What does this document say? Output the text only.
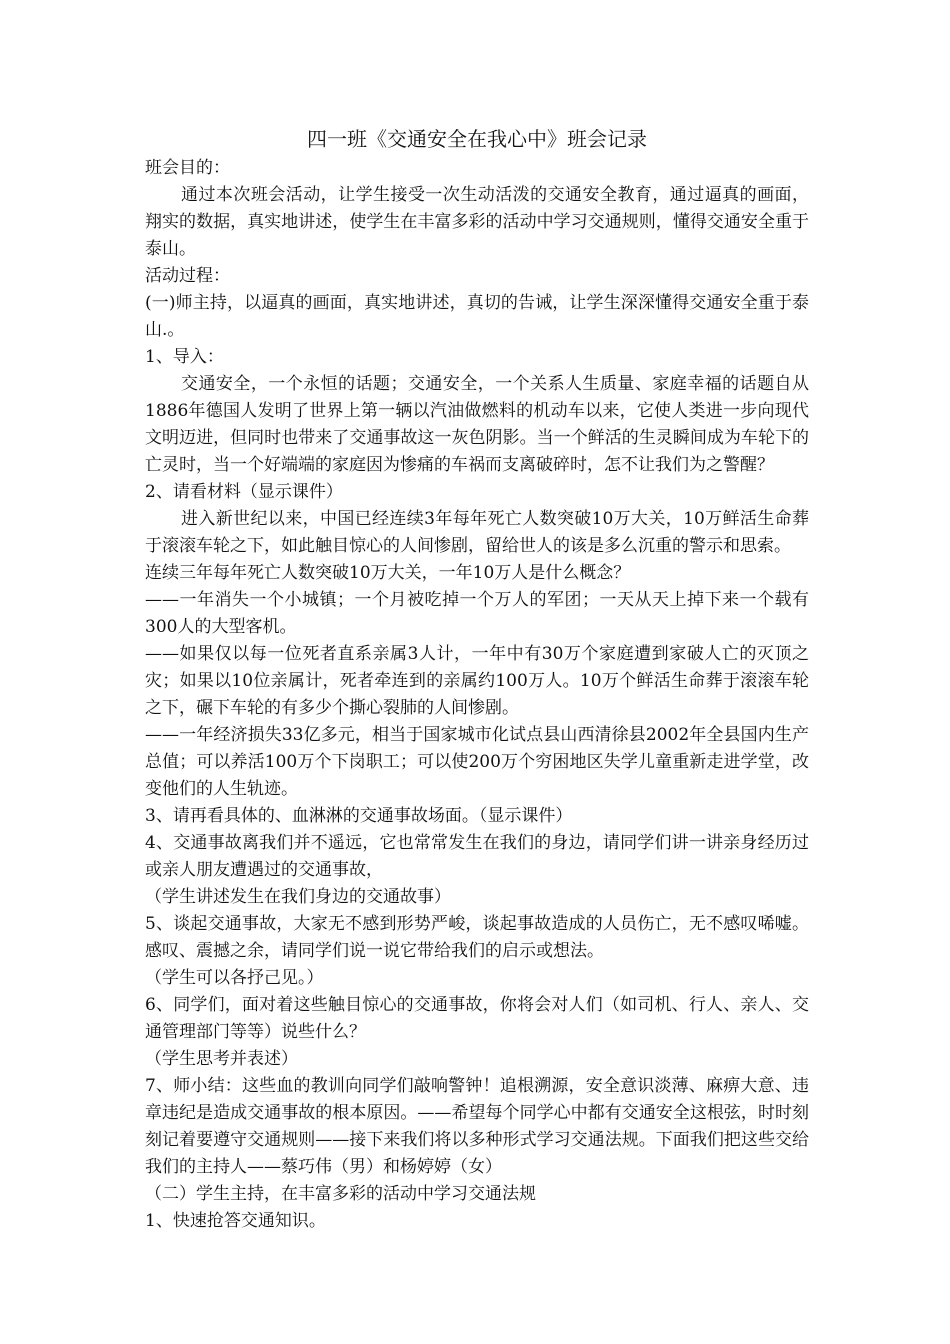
四一班《交通安全在我心中》班会记录

班会目的：

通过本次班会活动，让学生接受一次生动活泼的交通安全教育，通过逼真的画面，翔实的数据，真实地讲述，使学生在丰富多彩的活动中学习交通规则，懂得交通安全重于泰山。

活动过程：

(一)师主持，以逼真的画面，真实地讲述，真切的告诫，让学生深深懂得交通安全重于泰山.。

1、导入：

交通安全，一个永恒的话题；交通安全，一个关系人生质量、家庭幸福的话题自从1886年德国人发明了世界上第一辆以汽油做燃料的机动车以来，它使人类进一步向现代文明迈进，但同时也带来了交通事故这一灰色阴影。当一个鲜活的生灵瞬间成为车轮下的亡灵时，当一个好端端的家庭因为惨痛的车祸而支离破碎时，怎不让我们为之警醒？

2、请看材料（显示课件）

进入新世纪以来，中国已经连续3年每年死亡人数突破10万大关，10万鲜活生命葬于滚滚车轮之下，如此触目惊心的人间惨剧，留给世人的该是多么沉重的警示和思索。

连续三年每年死亡人数突破10万大关，一年10万人是什么概念？

——一年消失一个小城镇；一个月被吃掉一个万人的军团；一天从天上掉下来一个载有300人的大型客机。

——如果仅以每一位死者直系亲属3人计，一年中有30万个家庭遭到家破人亡的灭顶之灾；如果以10位亲属计，死者牵连到的亲属约100万人。10万个鲜活生命葬于滚滚车轮之下，碾下车轮的有多少个撕心裂肺的人间惨剧。

——一年经济损失33亿多元，相当于国家城市化试点县山西清徐县2002年全县国内生产总值；可以养活100万个下岗职工；可以使200万个穷困地区失学儿童重新走进学堂，改变他们的人生轨迹。

3、请再看具体的、血淋淋的交通事故场面。（显示课件）

4、交通事故离我们并不遥远，它也常常发生在我们的身边，请同学们讲一讲亲身经历过或亲人朋友遭遇过的交通事故，

（学生讲述发生在我们身边的交通故事）

5、谈起交通事故，大家无不感到形势严峻，谈起事故造成的人员伤亡，无不感叹唏嘘。感叹、震撼之余，请同学们说一说它带给我们的启示或想法。

（学生可以各抒己见。）

6、同学们，面对着这些触目惊心的交通事故，你将会对人们（如司机、行人、亲人、交通管理部门等等）说些什么？

（学生思考并表述）

7、师小结：这些血的教训向同学们敲响警钟！追根溯源，安全意识淡薄、麻痹大意、违章违纪是造成交通事故的根本原因。——希望每个同学心中都有交通安全这根弦，时时刻刻记着要遵守交通规则——接下来我们将以多种形式学习交通法规。下面我们把这些交给我们的主持人——蔡巧伟（男）和杨婷婷（女）

（二）学生主持，在丰富多彩的活动中学习交通法规

1、快速抢答交通知识。
